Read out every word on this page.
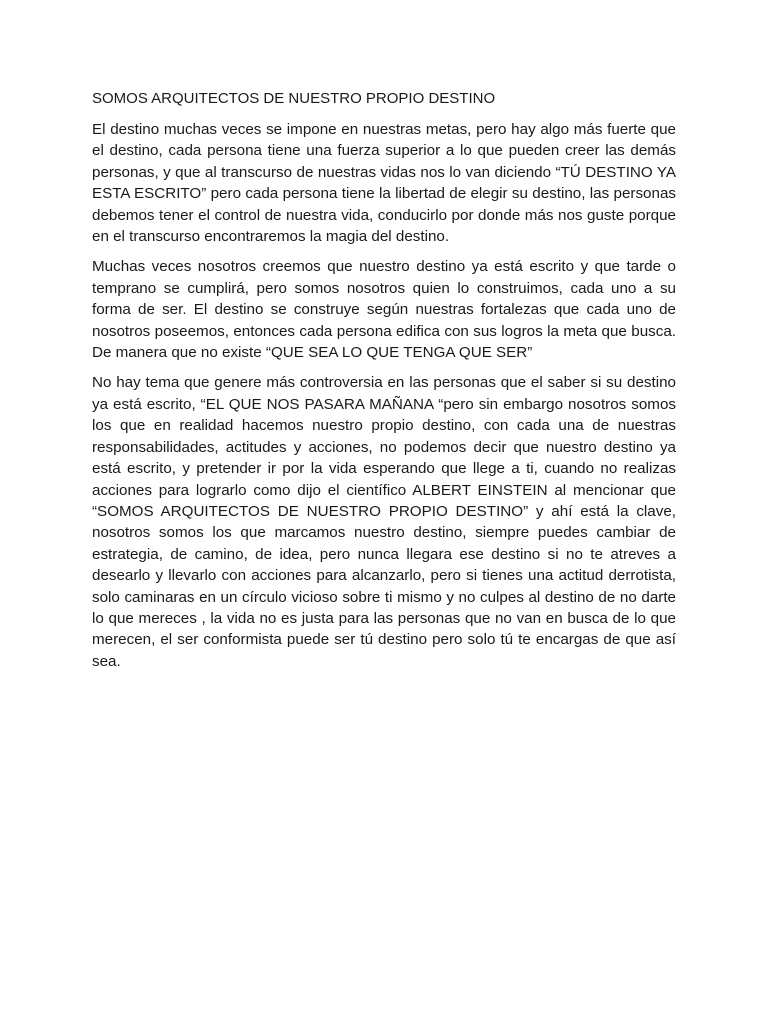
SOMOS ARQUITECTOS DE NUESTRO PROPIO DESTINO

El destino muchas veces se impone en nuestras metas, pero hay algo más fuerte que el destino, cada persona tiene una fuerza superior a lo que pueden creer las demás personas, y que al transcurso de nuestras vidas nos lo van diciendo “TÚ DESTINO YA ESTA ESCRITO” pero cada persona tiene la libertad de elegir su destino, las personas debemos tener el control de nuestra vida, conducirlo por donde más nos guste porque en el transcurso encontraremos la magia del destino.

Muchas veces nosotros creemos que nuestro destino ya está escrito y que tarde o temprano se cumplirá, pero somos nosotros quien lo construimos, cada uno a su forma de ser. El destino se construye según nuestras fortalezas que cada uno de nosotros poseemos, entonces cada persona edifica con sus logros la meta que busca. De manera que no existe “QUE SEA LO QUE TENGA QUE SER”

No hay tema que genere más controversia en las personas que el saber si su destino ya está escrito, “EL QUE NOS PASARA MAÑANA “pero sin embargo nosotros somos los que en realidad hacemos nuestro propio destino, con cada una de nuestras responsabilidades, actitudes y acciones, no podemos decir que nuestro destino ya está escrito, y pretender ir por la vida esperando que llege a ti, cuando no realizas acciones para lograrlo como dijo el científico ALBERT EINSTEIN al mencionar que “SOMOS ARQUITECTOS DE NUESTRO PROPIO DESTINO” y ahí está la clave, nosotros somos los que marcamos nuestro destino, siempre puedes cambiar de estrategia, de camino, de idea, pero nunca llegara ese destino si no te atreves a desearlo y llevarlo con acciones para alcanzarlo, pero si tienes una actitud derrotista, solo caminaras en un círculo vicioso sobre ti mismo y no culpes al destino de no darte lo que mereces , la vida no es justa para las personas que no van en busca de lo que merecen, el ser conformista puede ser tú destino pero solo tú te encargas de que así sea.
